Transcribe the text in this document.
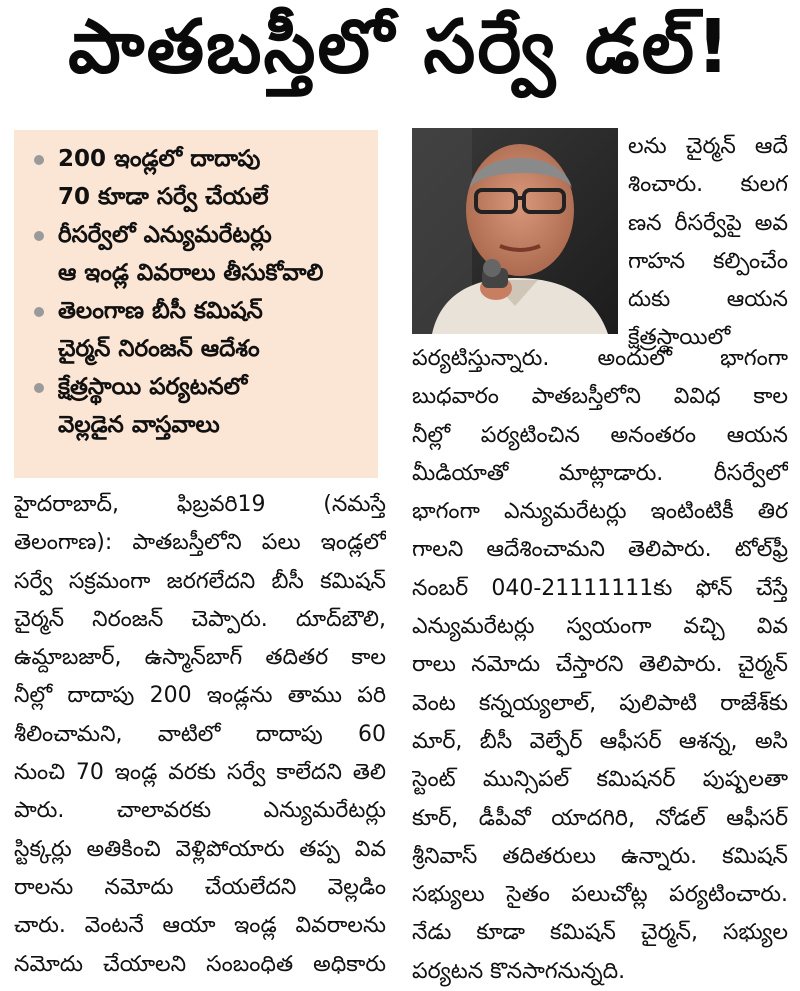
పాతబస్తీలో సర్వే డల్‌!
200 ఇండ్లలో దాదాపు
70 కూడా సర్వే చేయలే
రీసర్వేలో ఎన్యుమరేటర్లు
ఆ ఇండ్ల వివరాలు తీసుకోవాలి
తెలంగాణ బీసీ కమిషన్‌
చైర్మన్‌ నిరంజన్‌ ఆదేశం
క్షేత్రస్థాయి పర్యటనలో
వెల్లడైన వాస్తవాలు
హైదరాబాద్‌, ఫిబ్రవరి19 (నమస్తే
తెలంగాణ): పాతబస్తీలోని పలు ఇండ్లలో
సర్వే సక్రమంగా జరగలేదని బీసీ కమిషన్‌
చైర్మన్‌ నిరంజన్‌ చెప్పారు. దూద్‌బౌలి,
ఉమ్దాబజార్‌, ఉస్మాన్‌బాగ్‌ తదితర కాల
నీల్లో దాదాపు 200 ఇండ్లను తాము పరి
శీలించామని, వాటిలో దాదాపు 60
నుంచి 70 ఇండ్ల వరకు సర్వే కాలేదని తెలి
పారు. చాలావరకు ఎన్యుమరేటర్లు
స్టిక్కర్లు అతికించి వెళ్లిపోయారు తప్ప వివ
రాలను నమోదు చేయలేదని వెల్లడిం
చారు. వెంటనే ఆయా ఇండ్ల వివరాలను
నమోదు చేయాలని సంబంధిత అధికారు
లను చైర్మన్‌ ఆదే
శించారు. కులగ
ణన రీసర్వేపై అవ
గాహన కల్పించేం
దుకు ఆయన
క్షేత్రస్థాయిలో
పర్యటిస్తున్నారు. అందులో భాగంగా
బుధవారం పాతబస్తీలోని వివిధ కాల
నీల్లో పర్యటించిన అనంతరం ఆయన
మీడియాతో మాట్లాడారు. రీసర్వేలో
భాగంగా ఎన్యుమరేటర్లు ఇంటింటికీ తిర
గాలని ఆదేశించామని తెలిపారు. టోల్‌ఫ్రీ
నంబర్‌ 040-21111111కు ఫోన్‌ చేస్తే
ఎన్యుమరేటర్లు స్వయంగా వచ్చి వివ
రాలు నమోదు చేస్తారని తెలిపారు. చైర్మన్‌
వెంట కన్నయ్యలాల్‌, పులిపాటి రాజేశ్‌కు
మార్‌, బీసీ వెల్ఫేర్‌ ఆఫీసర్‌ ఆశన్న, అసి
స్టెంట్‌ మున్సిపల్‌ కమిషనర్‌ పుష్పలతా
కూర్‌, డీపీవో యాదగిరి, నోడల్‌ ఆఫీసర్‌
శ్రీనివాస్‌ తదితరులు ఉన్నారు. కమిషన్‌
సభ్యులు సైతం పలుచోట్ల పర్యటించారు.
నేడు కూడా కమిషన్‌ చైర్మన్‌, సభ్యుల
పర్యటన కొనసాగనున్నది.
